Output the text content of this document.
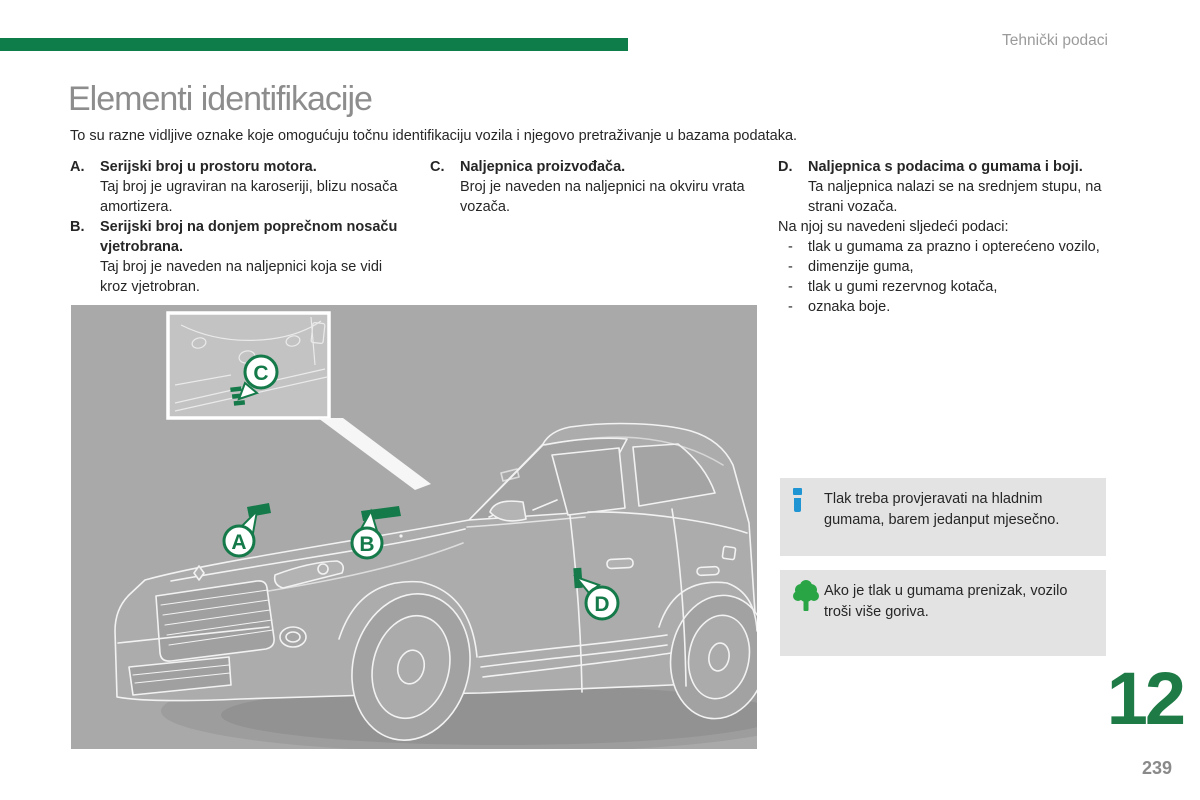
Tehnički podaci
Elementi identifikacije
To su razne vidljive oznake koje omogućuju točnu identifikaciju vozila i njegovo pretraživanje u bazama podataka.
A.	Serijski broj u prostoru motora.
Taj broj je ugraviran na karoseriji, blizu nosača amortizera.
B.	Serijski broj na donjem poprečnom nosaču vjetrobrana.
Taj broj je naveden na naljepnici koja se vidi kroz vjetrobran.
C.	Naljepnica proizvođača.
Broj je naveden na naljepnici na okviru vrata vozača.
D.	Naljepnica s podacima o gumama i boji.
Ta naljepnica nalazi se na srednjem stupu, na strani vozača.
Na njoj su navedeni sljedeći podaci:
-	tlak u gumama za prazno i opterećeno vozilo,
-	dimenzije guma,
-	tlak u gumi rezervnog kotača,
-	oznaka boje.
C
A	B
D
Tlak treba provjeravati na hladnim gumama, barem jedanput mjesečno.
Ako je tlak u gumama prenizak, vozilo troši više goriva.
12
239
